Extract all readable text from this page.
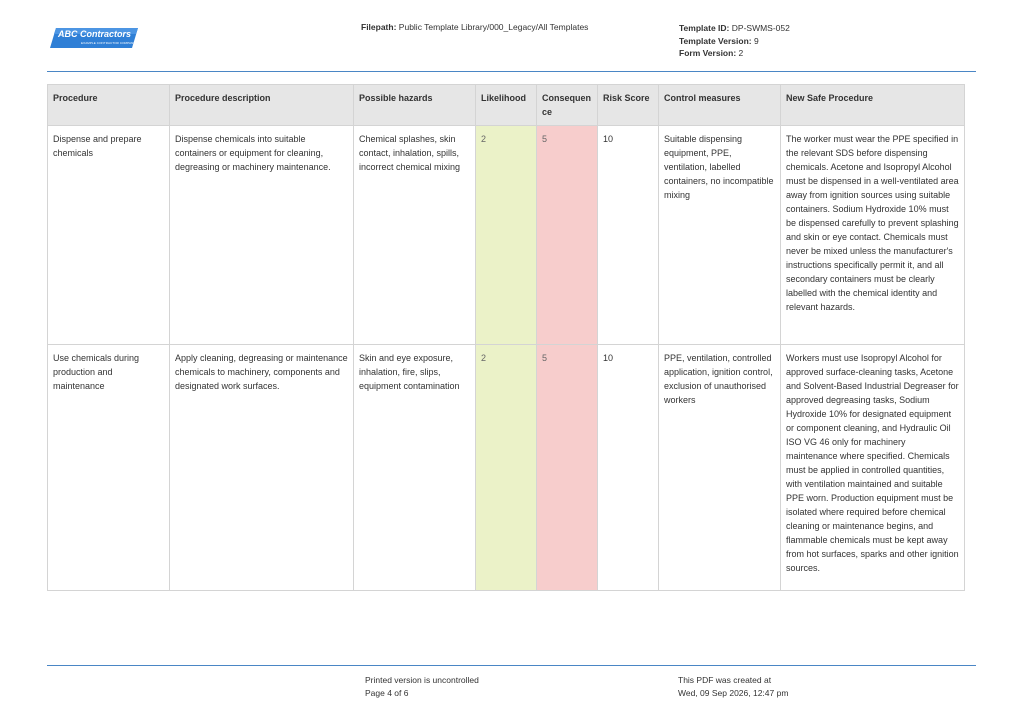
ABC Contractors
EXAMPLE CONTRACTOR COMPANY
Filepath: Public Template Library/000_Legacy/All Templates	Template ID: DP-SWMS-052
Template Version: 9
Form Version: 2
Procedure	Procedure description	Possible hazards	Likelihood	Consequence	Risk Score	Control measures	New Safe Procedure
Dispense and prepare chemicals	Dispense chemicals into suitable containers or equipment for cleaning, degreasing or machinery maintenance.	Chemical splashes, skin contact, inhalation, spills, incorrect chemical mixing	2	5	10	Suitable dispensing equipment, PPE, ventilation, labelled containers, no incompatible mixing	The worker must wear the PPE specified in the relevant SDS before dispensing chemicals. Acetone and Isopropyl Alcohol must be dispensed in a well-ventilated area away from ignition sources using suitable containers. Sodium Hydroxide 10% must be dispensed carefully to prevent splashing and skin or eye contact. Chemicals must never be mixed unless the manufacturer's instructions specifically permit it, and all secondary containers must be clearly labelled with the chemical identity and relevant hazards.
Use chemicals during production and maintenance	Apply cleaning, degreasing or maintenance chemicals to machinery, components and designated work surfaces.	Skin and eye exposure, inhalation, fire, slips, equipment contamination	2	5	10	PPE, ventilation, controlled application, ignition control, exclusion of unauthorised workers	Workers must use Isopropyl Alcohol for approved surface-cleaning tasks, Acetone and Solvent-Based Industrial Degreaser for approved degreasing tasks, Sodium Hydroxide 10% for designated equipment or component cleaning, and Hydraulic Oil ISO VG 46 only for machinery maintenance where specified. Chemicals must be applied in controlled quantities, with ventilation maintained and suitable PPE worn. Production equipment must be isolated where required before chemical cleaning or maintenance begins, and flammable chemicals must be kept away from hot surfaces, sparks and other ignition sources.
Printed version is uncontrolled
Page 4 of 6
This PDF was created at
Wed, 09 Sep 2026, 12:47 pm
